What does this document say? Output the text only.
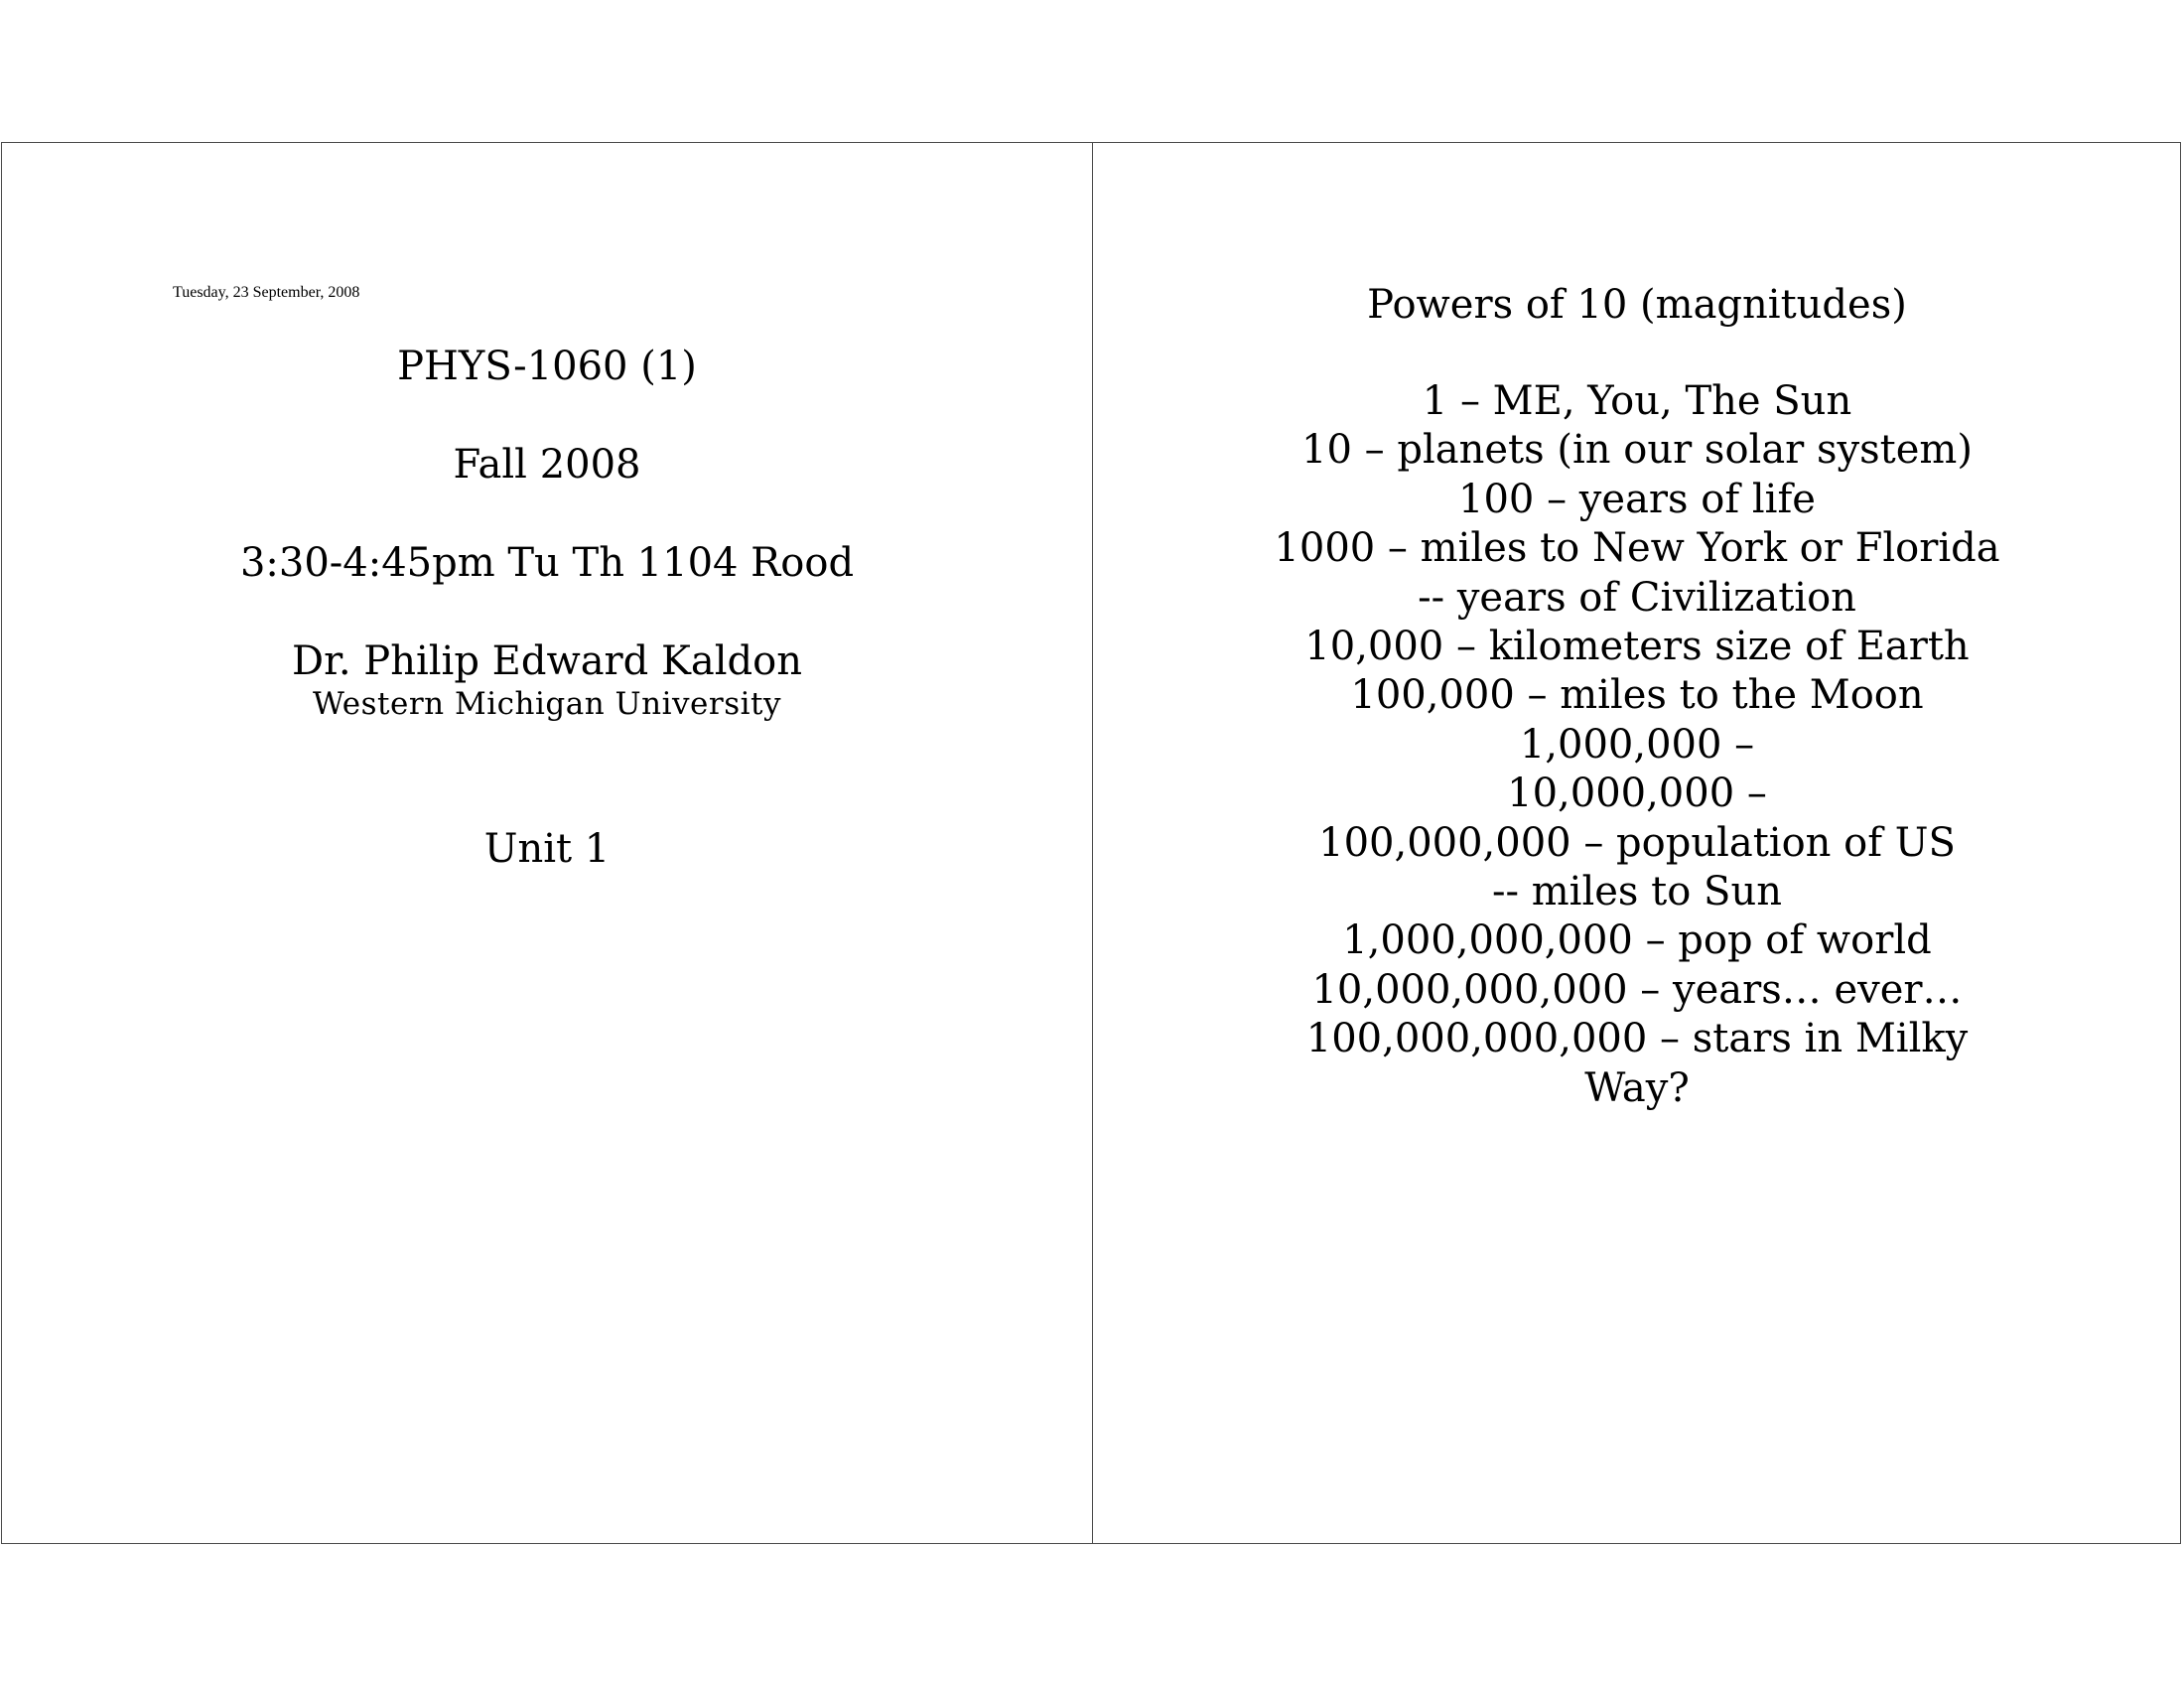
Tuesday, 23 September, 2008
PHYS-1060 (1)
Fall 2008
3:30-4:45pm Tu Th 1104 Rood
Dr. Philip Edward Kaldon
Western Michigan University
Unit 1
Powers of 10 (magnitudes)
1 – ME, You, The Sun
10 – planets (in our solar system)
100 – years of life
1000 – miles to New York or Florida
-- years of Civilization
10,000 – kilometers size of Earth
100,000 – miles to the Moon
1,000,000 –
10,000,000 –
100,000,000 – population of US
-- miles to Sun
1,000,000,000 – pop of world
10,000,000,000 – years… ever…
100,000,000,000 – stars in Milky
Way?
